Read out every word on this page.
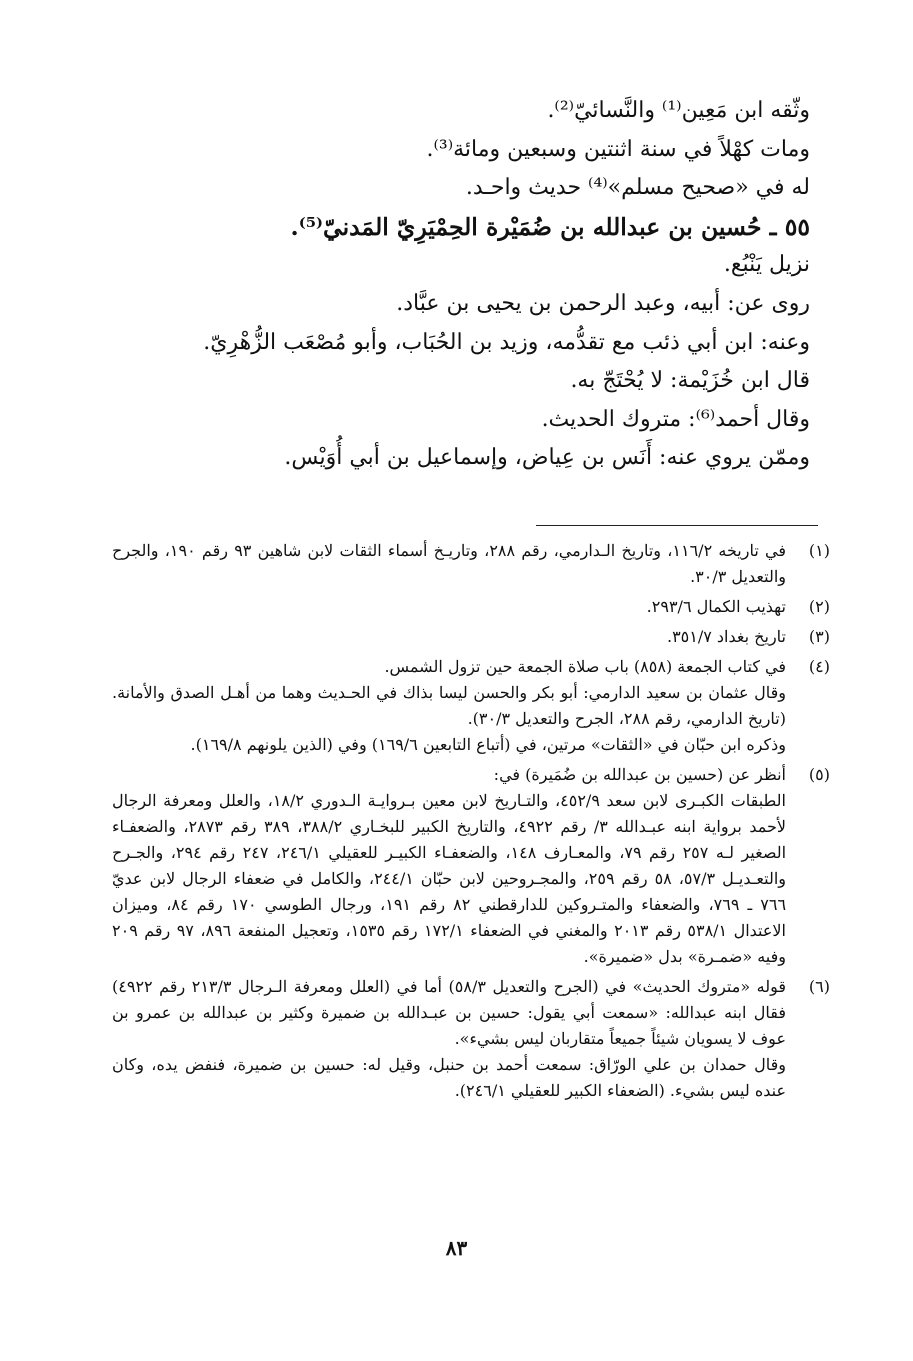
وثّقه ابن مَعِين⁽¹⁾ والنَّسائيّ⁽²⁾.

ومات كهْلاً في سنة اثنتين وسبعين ومائة⁽³⁾.

له في «صحيح مسلم»⁽⁴⁾ حديث واحـد.

٥٥ ـ حُسين بن عبدالله بن ضُمَيْرة الحِمْيَرِيّ المَدنيّ⁽⁵⁾.

نزيل يَنْبُع.

روى عن: أبيه، وعبد الرحمن بن يحيى بن عبَّاد.

وعنه: ابن أبي ذئب مع تقدُّمه، وزيد بن الحُبَاب، وأبو مُصْعَب الزُّهْرِيّ.

قال ابن خُزَيْمة: لا يُحْتَجّ به.

وقال أحمد⁽⁶⁾: متروك الحديث.

وممّن يروي عنه: أَنَس بن عِياض، وإسماعيل بن أبي أُوَيْس.

(١)

في تاريخه ١١٦/٢، وتاريخ الـدارمي، رقم ٢٨٨، وتاريـخ أسماء الثقات لابن شاهين ٩٣ رقم ١٩٠، والجرح والتعديل ٣٠/٣.

(٢)

تهذيب الكمال ٢٩٣/٦.

(٣)

تاريخ بغداد ٣٥١/٧.

(٤)

في كتاب الجمعة (٨٥٨) باب صلاة الجمعة حين تزول الشمس.

وقال عثمان بن سعيد الدارمي: أبو بكر والحسن ليسا بذاك في الحـديث وهما من أهـل الصدق والأمانة. (تاريخ الدارمي، رقم ٢٨٨، الجرح والتعديل ٣٠/٣).

وذكره ابن حبّان في «الثقات» مرتين، في (أتباع التابعين ١٦٩/٦) وفي (الذين يلونهم ١٦٩/٨).

(٥)

أنظر عن (حسين بن عبدالله بن ضُمَيرة) في:

الطبقات الكبـرى لابن سعد ٤٥٢/٩، والتـاريخ لابن معين بـروايـة الـدوري ١٨/٢، والعلل ومعرفة الرجال لأحمد برواية ابنه عبـدالله ٣/ رقم ٤٩٢٢، والتاريخ الكبير للبخـاري ٣٨٨/٢، ٣٨٩ رقم ٢٨٧٣، والضعفـاء الصغير لـه ٢٥٧ رقم ٧٩، والمعـارف ١٤٨، والضعفـاء الكبيـر للعقيلي ٢٤٦/١، ٢٤٧ رقم ٢٩٤، والجـرح والتعـديـل ٥٧/٣، ٥٨ رقم ٢٥٩، والمجـروحين لابن حبّان ٢٤٤/١، والكامل في ضعفاء الرجال لابن عديّ ٧٦٦ ـ ٧٦٩، والضعفاء والمتـروكين للدارقطني ٨٢ رقم ١٩١، ورجال الطوسي ١٧٠ رقم ٨٤، وميزان الاعتدال ٥٣٨/١ رقم ٢٠١٣ والمغني في الضعفاء ١٧٢/١ رقم ١٥٣٥، وتعجيل المنفعة ٨٩٦، ٩٧ رقم ٢٠٩ وفيه «ضمـرة» بدل «ضميرة».

(٦)

قوله «متروك الحديث» في (الجرح والتعديل ٥٨/٣) أما في (العلل ومعرفة الـرجال ٢١٣/٣ رقم ٤٩٢٢) فقال ابنه عبدالله: «سمعت أبي يقول: حسين بن عبـدالله بن ضميرة وكثير بن عبدالله بن عمرو بن عوف لا يسويان شيئاً جميعاً متقاربان ليس بشيء».

وقال حمدان بن علي الورّاق: سمعت أحمد بن حنبل، وقيل له: حسين بن ضميرة، فنفض يده، وكان عنده ليس بشيء. (الضعفاء الكبير للعقيلي ٢٤٦/١).

٨٣
